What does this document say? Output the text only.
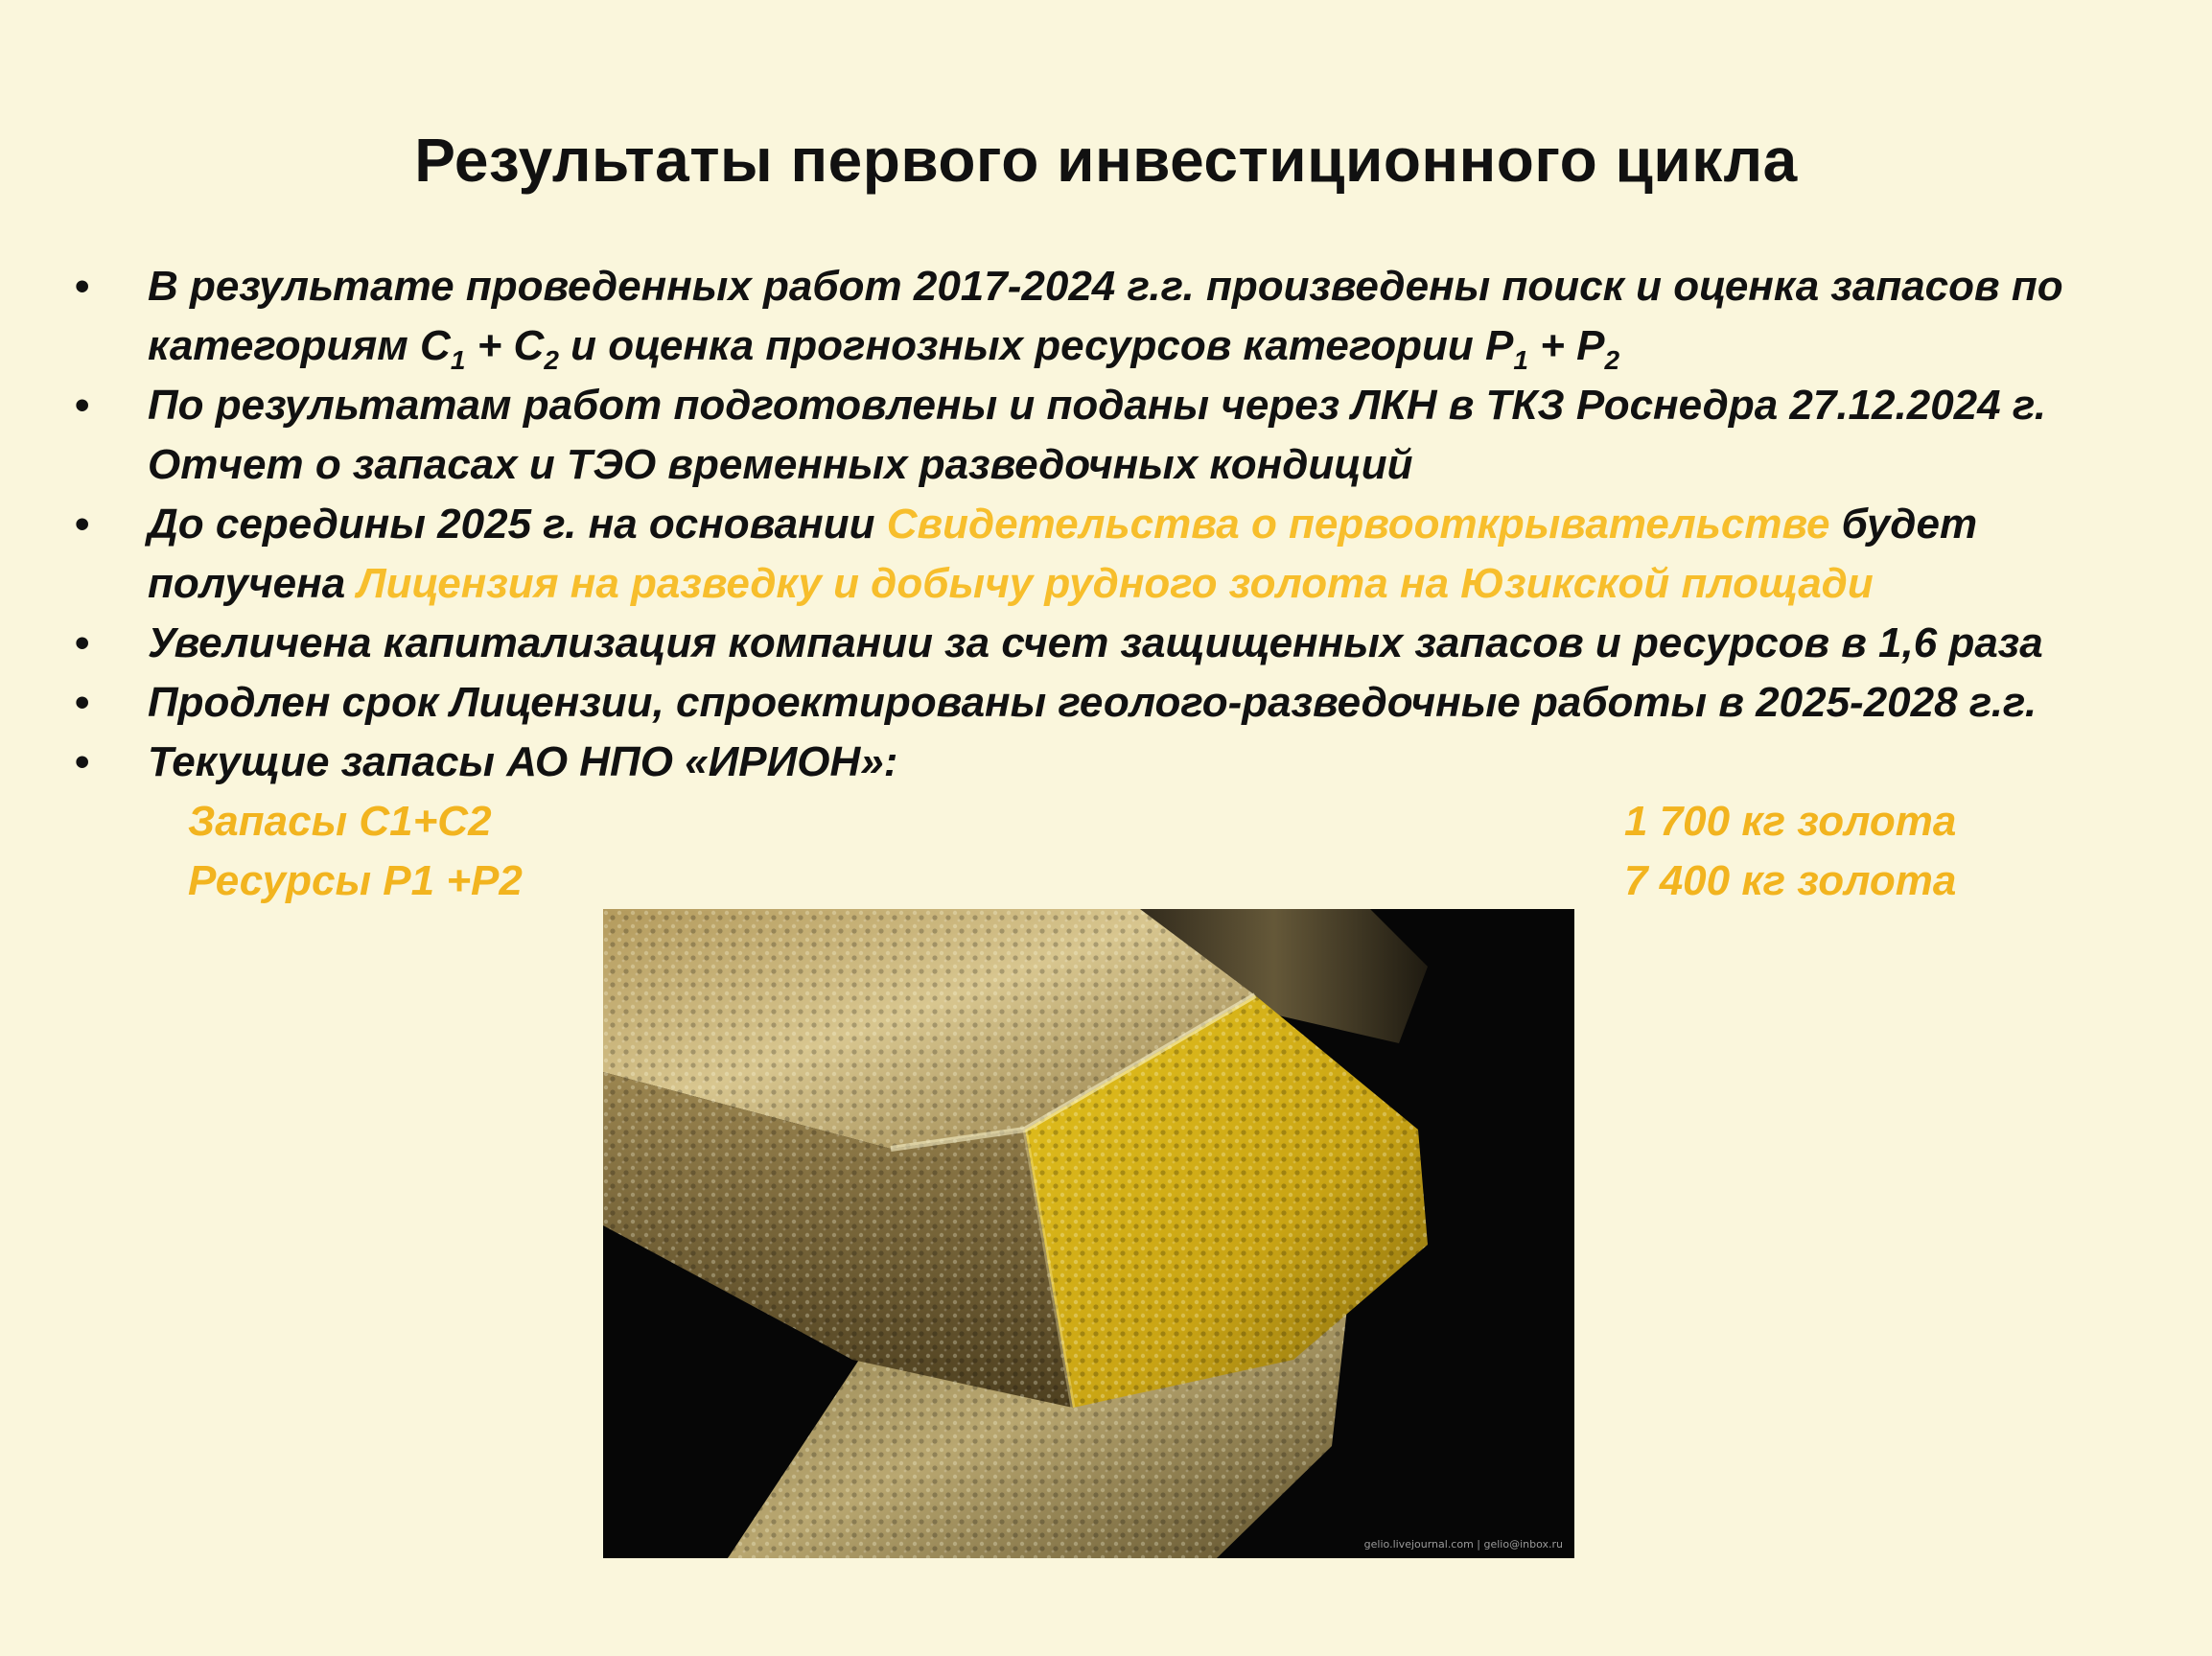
Результаты первого инвестиционного цикла
• В результате проведенных работ 2017-2024 г.г. произведены поиск и оценка запасов по категориям $С_1 + С_2$ и оценка прогнозных ресурсов категории $Р_1 + Р_2$
• По результатам работ подготовлены и поданы через ЛКН в ТКЗ Роснедра 27.12.2024 г. Отчет о запасах и ТЭО временных разведочных кондиций
• До середины 2025 г. на основании Свидетельства о первооткрывательстве будет получена Лицензия на разведку и добычу рудного золота на Юзикской площади
• Увеличена капитализация компании за счет защищенных запасов и ресурсов в 1,6 раза
• Продлен срок Лицензии, спроектированы геолого-разведочные работы в 2025-2028 г.г.
• Текущие запасы АО НПО «ИРИОН»:
Запасы С1+С2	1 700 кг золота
Ресурсы Р1 +Р2	7 400 кг золота
gelio.livejournal.com | gelio@inbox.ru
